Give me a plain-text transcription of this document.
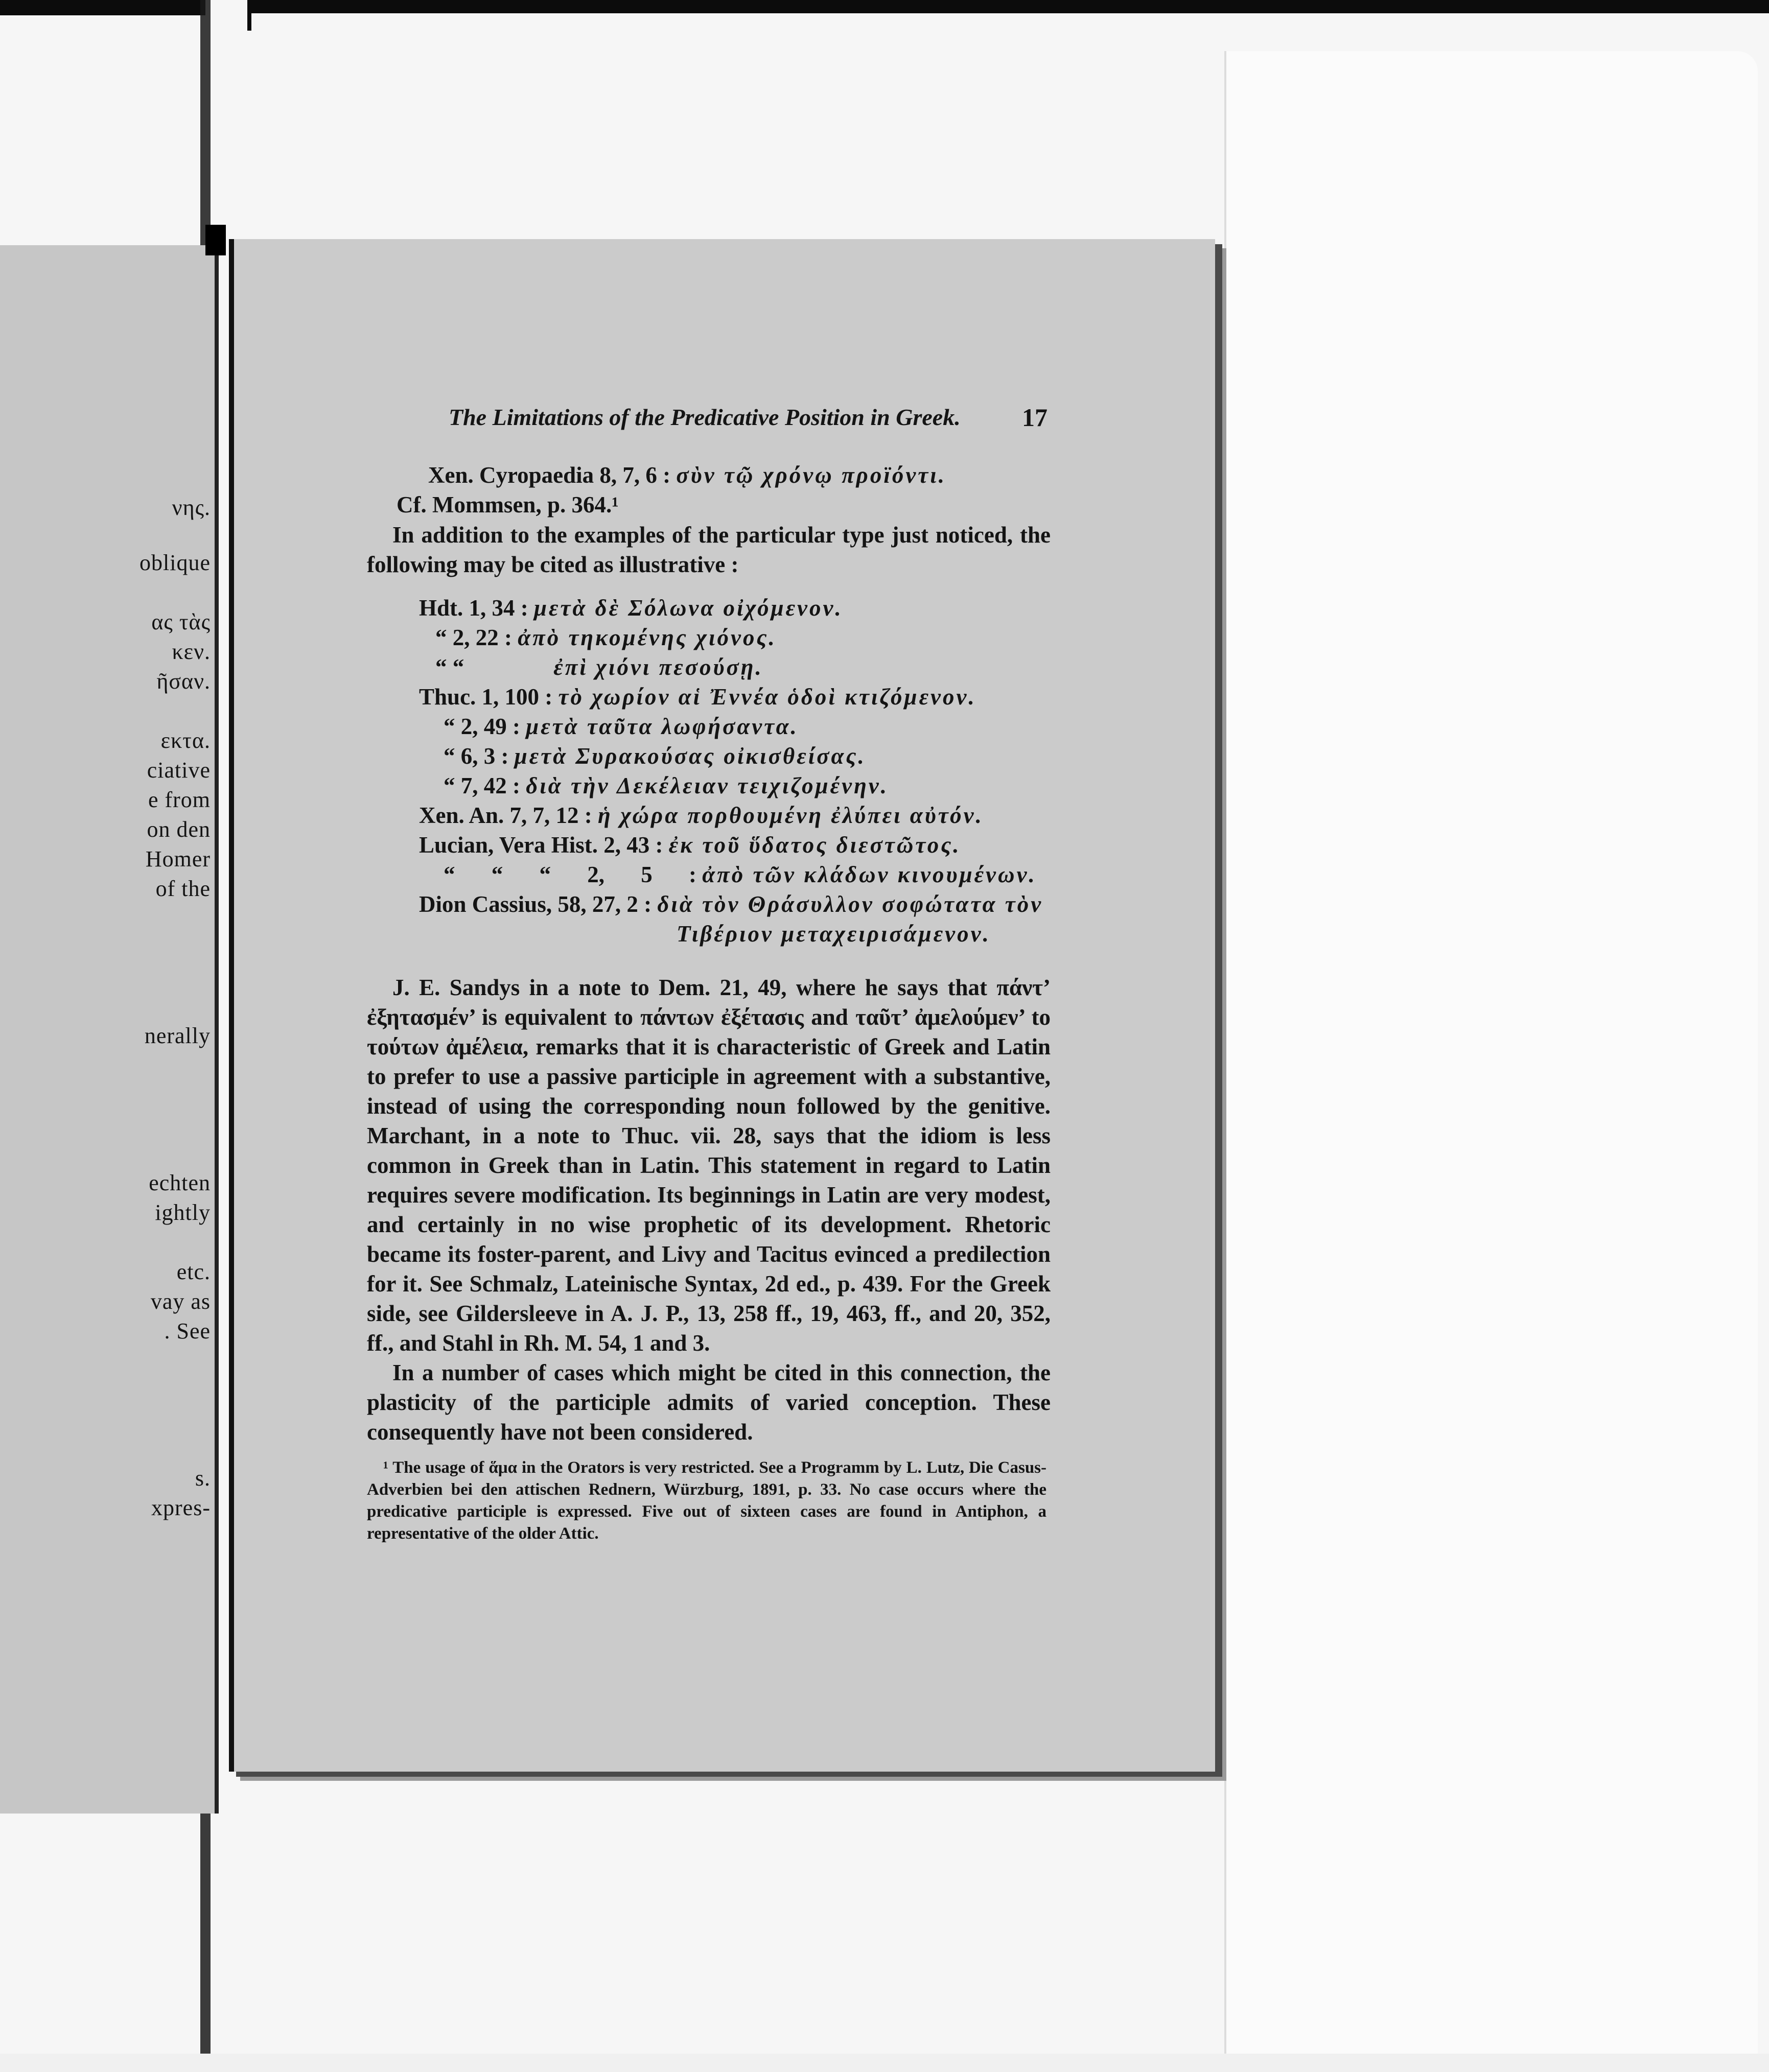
νης.
oblique
ας τὰς
κεν.
ῆσαν.
εκτα.
ciative
e from
on den
Homer
of the
nerally
echten
ightly
etc.
vay as
. See
s.
xpres-
The Limitations of the Predicative Position in Greek.	17
Xen. Cyropaedia 8, 7, 6 : σὺν τῷ χρόνῳ προϊόντι.
Cf. Mommsen, p. 364.¹

In addition to the examples of the particular type just noticed, the following may be cited as illustrative :

Hdt. 1, 34 : μετὰ δὲ Σόλωνα οἰχόμενον.
“ 2, 22 : ἀπὸ τηκομένης χιόνος.
“ “	ἐπὶ χιόνι πεσούσῃ.
Thuc. 1, 100 : τὸ χωρίον αἱ Ἐννέα ὁδοὶ κτιζόμενον.
“ 2, 49 : μετὰ ταῦτα λωφήσαντα.
“ 6, 3 : μετὰ Συρακούσας οἰκισθείσας.
“ 7, 42 : διὰ τὴν Δεκέλειαν τειχιζομένην.
Xen. An. 7, 7, 12 : ἡ χώρα πορθουμένη ἐλύπει αὐτόν.
Lucian, Vera Hist. 2, 43 : ἐκ τοῦ ὕδατος διεστῶτος.
“ “ “ 2, 5 : ἀπὸ τῶν κλάδων κινουμένων.
Dion Cassius, 58, 27, 2 : διὰ τὸν Θράσυλλον σοφώτατα τὸν
Τιβέριον μεταχειρισάμενον.

J. E. Sandys in a note to Dem. 21, 49, where he says that πάντ’ ἐξητασμέν’ is equivalent to πάντων ἐξέτασις and ταῦτ’ ἀμελούμεν’ to τούτων ἀμέλεια, remarks that it is characteristic of Greek and Latin to prefer to use a passive participle in agreement with a substantive, instead of using the corresponding noun followed by the genitive. Marchant, in a note to Thuc. vii. 28, says that the idiom is less common in Greek than in Latin. This statement in regard to Latin requires severe modification. Its beginnings in Latin are very modest, and certainly in no wise prophetic of its development. Rhetoric became its foster-parent, and Livy and Tacitus evinced a predilection for it. See Schmalz, Lateinische Syntax, 2d ed., p. 439. For the Greek side, see Gildersleeve in A. J. P., 13, 258 ff., 19, 463, ff., and 20, 352, ff., and Stahl in Rh. M. 54, 1 and 3.

In a number of cases which might be cited in this connection, the plasticity of the participle admits of varied conception. These consequently have not been considered.

¹ The usage of ἅμα in the Orators is very restricted. See a Programm by L. Lutz, Die Casus-Adverbien bei den attischen Rednern, Würzburg, 1891, p. 33. No case occurs where the predicative participle is expressed. Five out of sixteen cases are found in Antiphon, a representative of the older Attic.
